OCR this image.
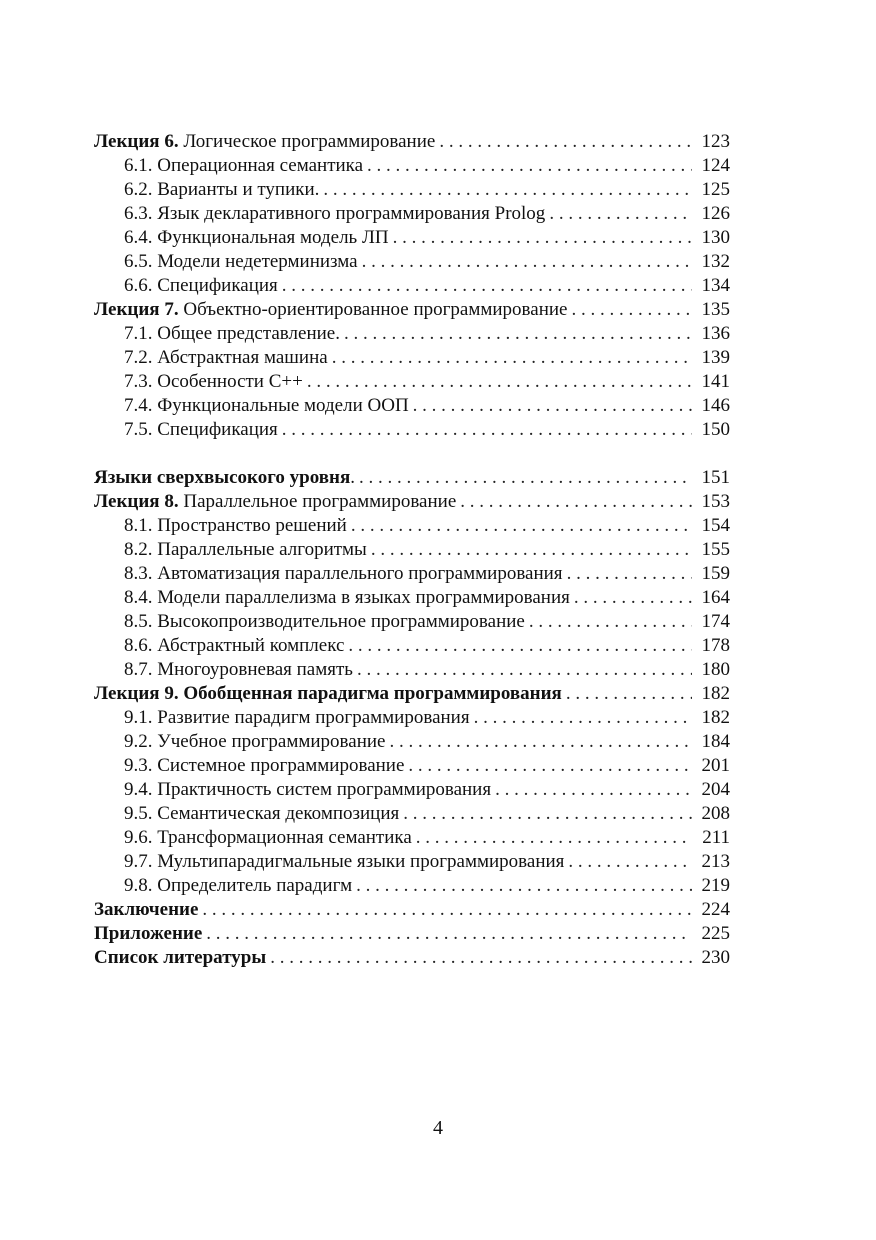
Лекция 6. Логическое программирование . . .	123
6.1. Операционная семантика . . .	124
6.2. Варианты и тупики. . . .	125
6.3. Язык декларативного программирования Prolog . . .	126
6.4. Функциональная модель ЛП . . .	130
6.5. Модели недетерминизма . . .	132
6.6. Спецификация . . .	134
Лекция 7. Объектно-ориентированное программирование . . .	135
7.1. Общее представление. . . .	136
7.2. Абстрактная машина . . .	139
7.3. Особенности C++ . . .	141
7.4. Функциональные модели ООП . . .	146
7.5. Спецификация . . .	150
Языки сверхвысокого уровня. . . .	151
Лекция 8. Параллельное программирование . . .	153
8.1. Пространство решений . . .	154
8.2. Параллельные алгоритмы . . .	155
8.3. Автоматизация параллельного программирования . . .	159
8.4. Модели параллелизма в языках программирования . . .	164
8.5. Высокопроизводительное программирование . . .	174
8.6. Абстрактный комплекс . . .	178
8.7. Многоуровневая память . . .	180
Лекция 9. Обобщенная парадигма программирования . . .	182
9.1. Развитие парадигм программирования . . .	182
9.2. Учебное программирование . . .	184
9.3. Системное программирование . . .	201
9.4. Практичность систем программирования . . .	204
9.5. Семантическая декомпозиция . . .	208
9.6. Трансформационная семантика . . .	211
9.7. Мультипарадигмальные языки программирования . . .	213
9.8. Определитель парадигм . . .	219
Заключение . . .	224
Приложение . . .	225
Список литературы . . .	230
4
